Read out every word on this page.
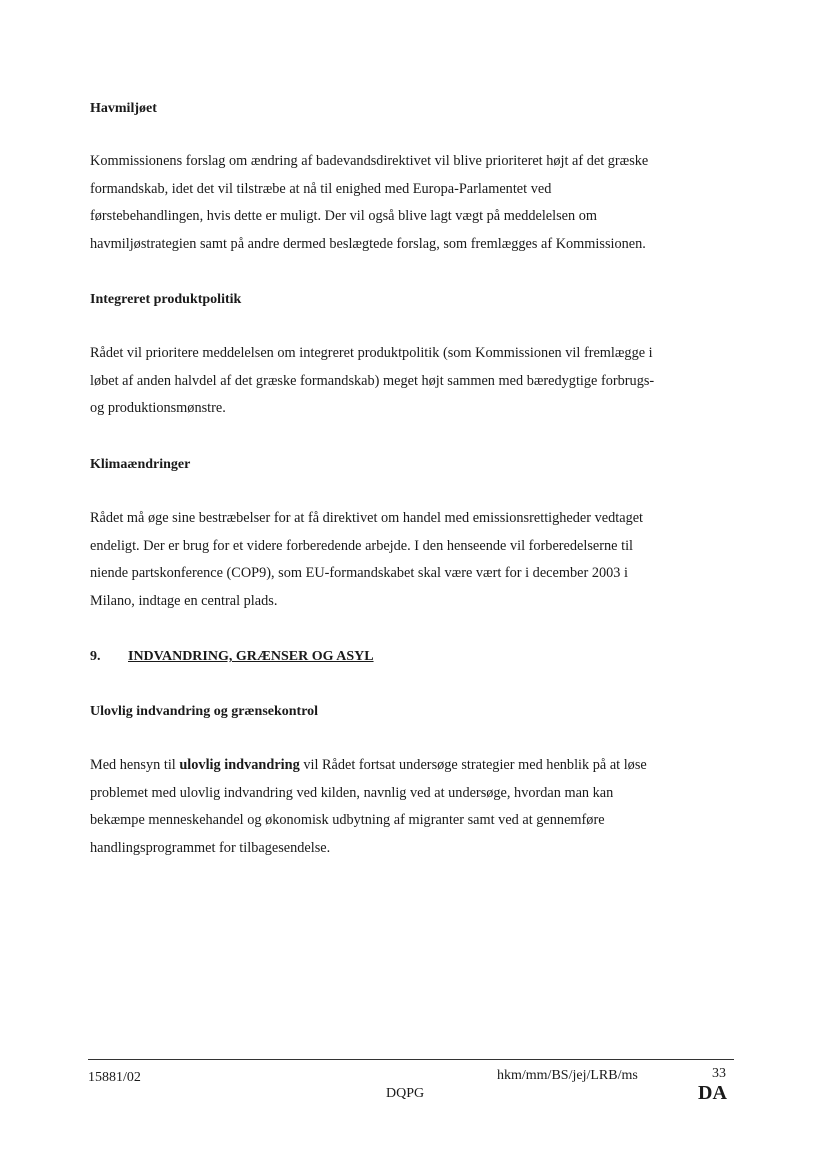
Havmiljøet
Kommissionens forslag om ændring af badevandsdirektivet vil blive prioriteret højt af det græske
formandskab, idet det vil tilstræbe at nå til enighed med Europa-Parlamentet ved
førstebehandlingen, hvis dette er muligt. Der vil også blive lagt vægt på meddelelsen om
havmiljøstrategien samt på andre dermed beslægtede forslag, som fremlægges af Kommissionen.
Integreret produktpolitik
Rådet vil prioritere meddelelsen om integreret produktpolitik (som Kommissionen vil fremlægge i
løbet af anden halvdel af det græske formandskab) meget højt sammen med bæredygtige forbrugs-
og produktionsmønstre.
Klimaændringer
Rådet må øge sine bestræbelser for at få direktivet om handel med emissionsrettigheder vedtaget
endeligt. Der er brug for et videre forberedende arbejde. I den henseende vil forberedelserne til
niende partskonference (COP9), som EU-formandskabet skal være vært for i december 2003 i
Milano, indtage en central plads.
9. INDVANDRING, GRÆNSER OG ASYL
Ulovlig indvandring og grænsekontrol
Med hensyn til ulovlig indvandring vil Rådet fortsat undersøge strategier med henblik på at løse
problemet med ulovlig indvandring ved kilden, navnlig ved at undersøge, hvordan man kan
bekæmpe menneskehandel og økonomisk udbytning af migranter samt ved at gennemføre
handlingsprogrammet for tilbagesendelse.
15881/02	hkm/mm/BS/jej/LRB/ms	33
DQPG	DA
